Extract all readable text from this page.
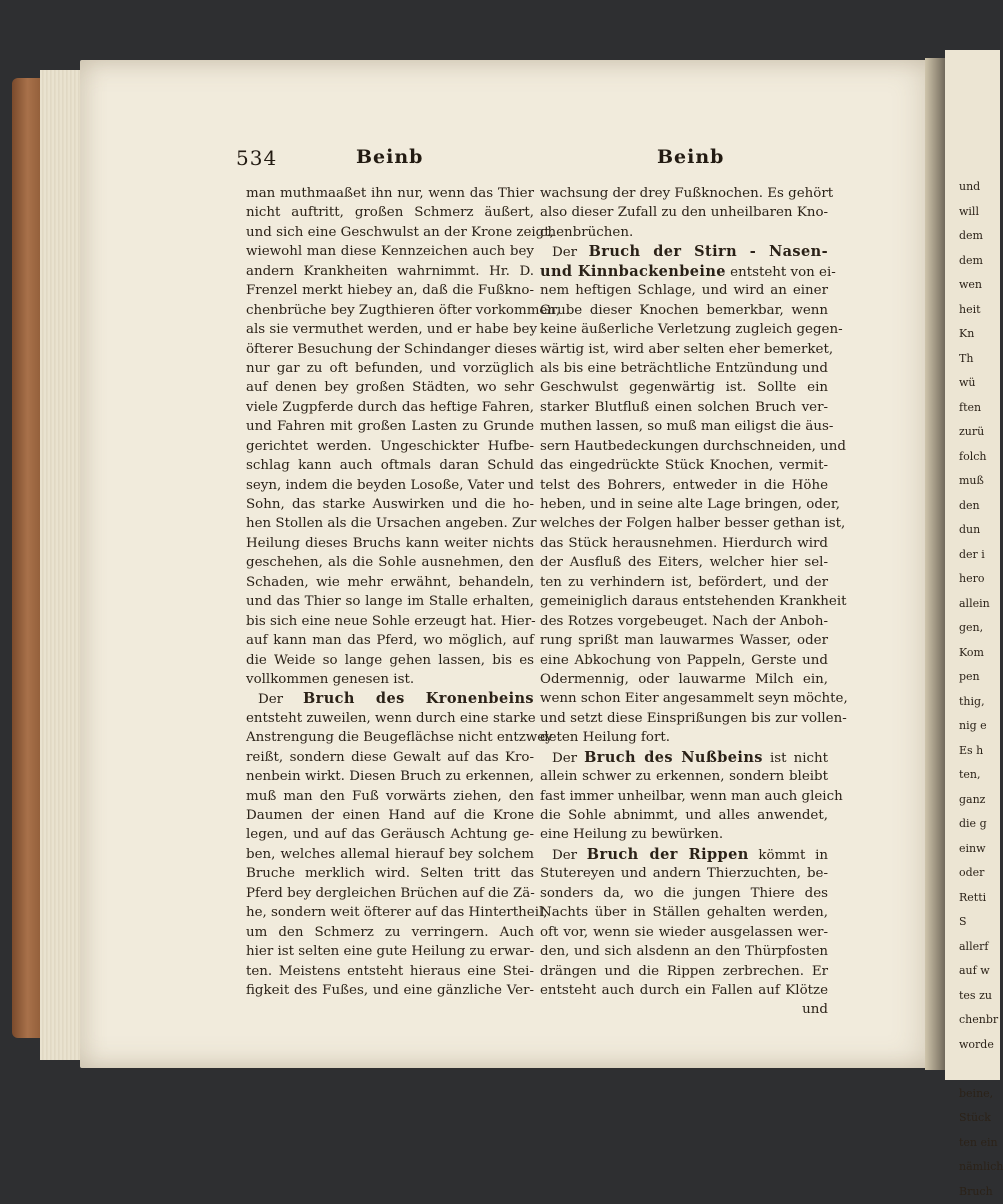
und
will
dem
dem
wen
heit
Kn
Th
wü
ften
zurü
folch
muß
den
dun
der i
hero
allein
gen,
Kom
pen
thig,
nig e
Es h
ten,
ganz
die g
einw
oder
Retti
S
allerf
auf w
tes zu
chenbr
worde
beine,
Stück
ten ein
nämlich
Bruch
534	Beinb	Beinb
man muthmaaßet ihn nur, wenn das Thier
nicht auftritt, großen Schmerz äußert,
und sich eine Geschwulst an der Krone zeigt,
wiewohl man diese Kennzeichen auch bey
andern Krankheiten wahrnimmt. Hr. D.
Frenzel merkt hiebey an, daß die Fußkno-
chenbrüche bey Zugthieren öfter vorkommen,
als sie vermuthet werden, und er habe bey
öfterer Besuchung der Schindanger dieses
nur gar zu oft befunden, und vorzüglich
auf denen bey großen Städten, wo sehr
viele Zugpferde durch das heftige Fahren,
und Fahren mit großen Lasten zu Grunde
gerichtet werden. Ungeschickter Hufbe-
schlag kann auch oftmals daran Schuld
seyn, indem die beyden Losoße, Vater und
Sohn, das starke Auswirken und die ho-
hen Stollen als die Ursachen angeben. Zur
Heilung dieses Bruchs kann weiter nichts
geschehen, als die Sohle ausnehmen, den
Schaden, wie mehr erwähnt, behandeln,
und das Thier so lange im Stalle erhalten,
bis sich eine neue Sohle erzeugt hat. Hier-
auf kann man das Pferd, wo möglich, auf
die Weide so lange gehen lassen, bis es
vollkommen genesen ist.
Der Bruch des Kronenbeins
entsteht zuweilen, wenn durch eine starke
Anstrengung die Beugeflächsе nicht entzwey
reißt, sondern diese Gewalt auf das Kro-
nenbein wirkt. Diesen Bruch zu erkennen,
muß man den Fuß vorwärts ziehen, den
Daumen der einen Hand auf die Krone
legen, und auf das Geräusch Achtung ge-
ben, welches allemal hierauf bey solchem
Bruche merklich wird. Selten tritt das
Pferd bey dergleichen Brüchen auf die Zä-
he, sondern weit öfterer auf das Hintertheil,
um den Schmerz zu verringern. Auch
hier ist selten eine gute Heilung zu erwar-
ten. Meistens entsteht hieraus eine Stei-
figkeit des Fußes, und eine gänzliche Ver-
wachsung der drey Fußknochen. Es gehört
also dieser Zufall zu den unheilbaren Kno-
chenbrüchen.
Der Bruch der Stirn - Nasen-
und Kinnbackenbeine entsteht von ei-
nem heftigen Schlage, und wird an einer
Grube dieser Knochen bemerkbar, wenn
keine äußerliche Verletzung zugleich gegen-
wärtig ist, wird aber selten eher bemerket,
als bis eine beträchtliche Entzündung und
Geschwulst gegenwärtig ist. Sollte ein
starker Blutfluß einen solchen Bruch ver-
muthen lassen, so muß man eiligst die äus-
sern Hautbedeckungen durchschneiden, und
das eingedrückte Stück Knochen, vermit-
telst des Bohrers, entweder in die Höhe
heben, und in seine alte Lage bringen, oder,
welches der Folgen halber besser gethan ist,
das Stück herausnehmen. Hierdurch wird
der Ausfluß des Eiters, welcher hier sel-
ten zu verhindern ist, befördert, und der
gemeiniglich daraus entstehenden Krankheit
des Rotzes vorgebeuget. Nach der Anboh-
rung sprißt man lauwarmes Wasser, oder
eine Abkochung von Pappeln, Gerste und
Odermennig, oder lauwarme Milch ein,
wenn schon Eiter angesammelt seyn möchte,
und setzt diese Einsprißungen bis zur vollen-
deten Heilung fort.
Der Bruch des Nußbeins ist nicht
allein schwer zu erkennen, sondern bleibt
fast immer unheilbar, wenn man auch gleich
die Sohle abnimmt, und alles anwendet,
eine Heilung zu bewürken.
Der Bruch der Rippen kömmt in
Stutereyen und andern Thierzuchten, be-
sonders da, wo die jungen Thiere des
Nachts über in Ställen gehalten werden,
oft vor, wenn sie wieder ausgelassen wer-
den, und sich alsdenn an den Thürpfosten
drängen und die Rippen zerbrechen. Er
entsteht auch durch ein Fallen auf Klötze
und
